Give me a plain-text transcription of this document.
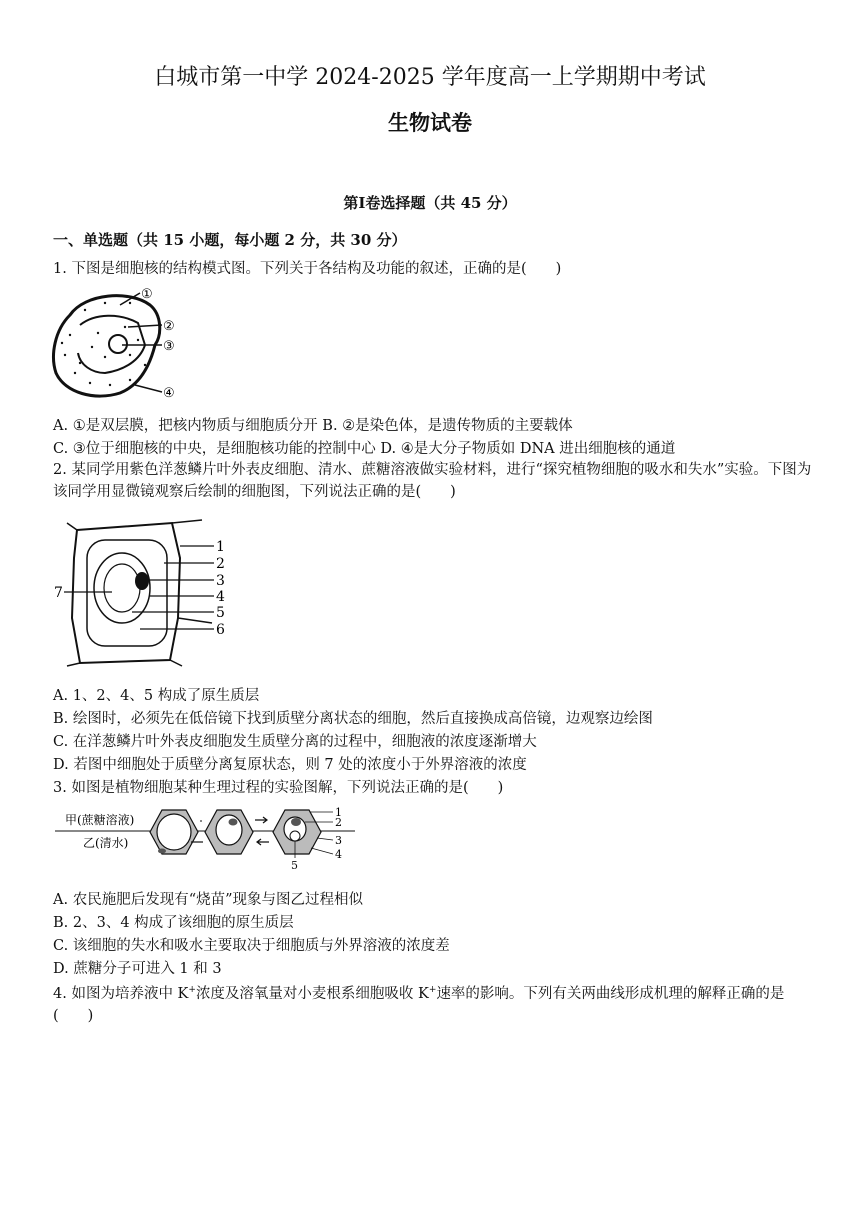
白城市第一中学 2024-2025 学年度高一上学期期中考试
生物试卷
第Ⅰ卷选择题（共 45 分）
一、单选题（共 15 小题，每小题 2 分，共 30 分）
1. 下图是细胞核的结构模式图。下列关于各结构及功能的叙述，正确的是(　　)
①
②
③
④
A. ①是双层膜，把核内物质与细胞质分开 B. ②是染色体，是遗传物质的主要载体
C. ③位于细胞核的中央，是细胞核功能的控制中心 D. ④是大分子物质如 DNA 进出细胞核的通道
2. 某同学用紫色洋葱鳞片叶外表皮细胞、清水、蔗糖溶液做实验材料，进行“探究植物细胞的吸水和失水”实验。下图为该同学用显微镜观察后绘制的细胞图，下列说法正确的是(　　)
1
2
3
4
5
6
7
A. 1、2、4、5 构成了原生质层
B. 绘图时，必须先在低倍镜下找到质壁分离状态的细胞，然后直接换成高倍镜，边观察边绘图
C. 在洋葱鳞片叶外表皮细胞发生质壁分离的过程中，细胞液的浓度逐渐增大
D. 若图中细胞处于质壁分离复原状态，则 7 处的浓度小于外界溶液的浓度
3. 如图是植物细胞某种生理过程的实验图解，下列说法正确的是(　　)
甲(蔗糖溶液)
乙(清水)
1
2
3
4
5
A. 农民施肥后发现有“烧苗”现象与图乙过程相似
B. 2、3、4 构成了该细胞的原生质层
C. 该细胞的失水和吸水主要取决于细胞质与外界溶液的浓度差
D. 蔗糖分子可进入 1 和 3
4. 如图为培养液中 K+浓度及溶氧量对小麦根系细胞吸收 K+速率的影响。下列有关两曲线形成机理的解释正确的是(　　)
